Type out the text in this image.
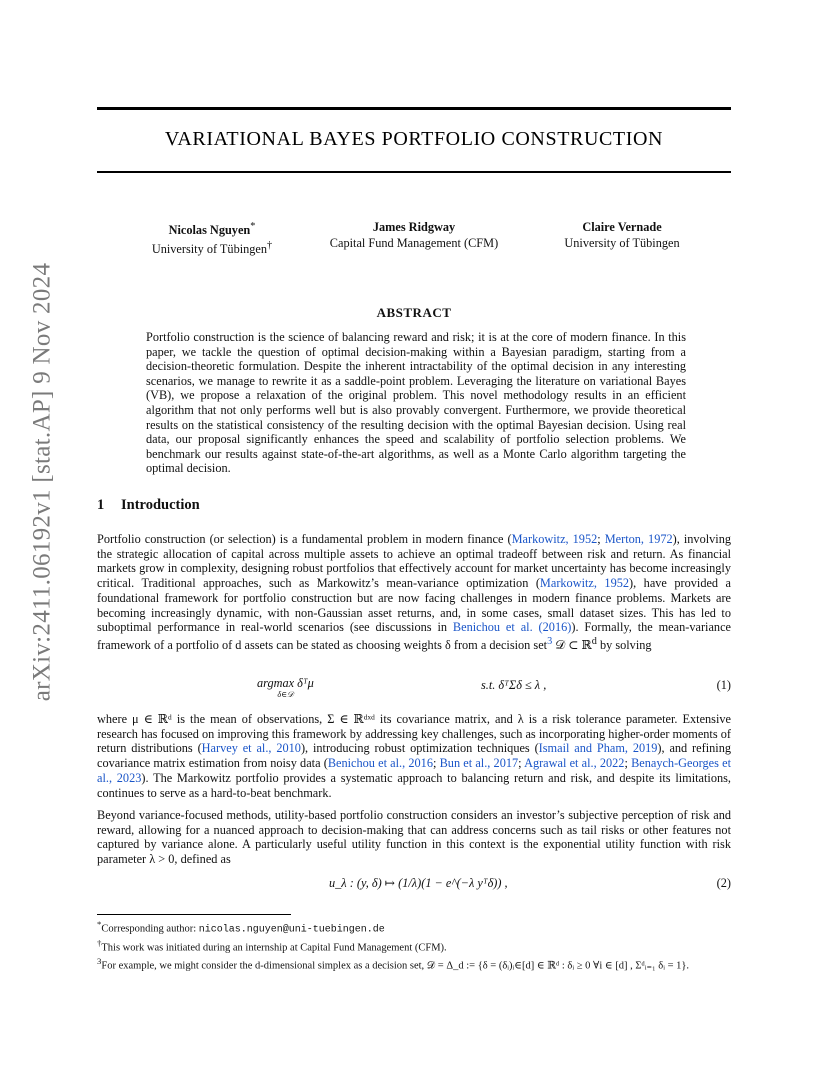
arXiv:2411.06192v1 [stat.AP] 9 Nov 2024
VARIATIONAL BAYES PORTFOLIO CONSTRUCTION
Nicolas Nguyen*
University of Tübingen†
James Ridgway
Capital Fund Management (CFM)
Claire Vernade
University of Tübingen
ABSTRACT
Portfolio construction is the science of balancing reward and risk; it is at the core of modern finance. In this paper, we tackle the question of optimal decision-making within a Bayesian paradigm, starting from a decision-theoretic formulation. Despite the inherent intractability of the optimal decision in any interesting scenarios, we manage to rewrite it as a saddle-point problem. Leveraging the literature on variational Bayes (VB), we propose a relaxation of the original problem. This novel methodology results in an efficient algorithm that not only performs well but is also provably convergent. Furthermore, we provide theoretical results on the statistical consistency of the resulting decision with the optimal Bayesian decision. Using real data, our proposal significantly enhances the speed and scalability of portfolio selection problems. We benchmark our results against state-of-the-art algorithms, as well as a Monte Carlo algorithm targeting the optimal decision.
1 Introduction
Portfolio construction (or selection) is a fundamental problem in modern finance (Markowitz, 1952; Merton, 1972), involving the strategic allocation of capital across multiple assets to achieve an optimal tradeoff between risk and return. As financial markets grow in complexity, designing robust portfolios that effectively account for market uncertainty has become increasingly critical. Traditional approaches, such as Markowitz’s mean-variance optimization (Markowitz, 1952), have provided a foundational framework for portfolio construction but are now facing challenges in modern finance problems. Markets are becoming increasingly dynamic, with non-Gaussian asset returns, and, in some cases, small dataset sizes. This has led to suboptimal performance in real-world scenarios (see discussions in Benichou et al. (2016)). Formally, the mean-variance framework of a portfolio of d assets can be stated as choosing weights δ from a decision set$^3$ 𝒟 ⊂ ℝ$^d$ by solving
argmax δᵀμ
δ∈𝒟
s.t. δᵀΣδ ≤ λ ,	(1)
where μ ∈ ℝᵈ is the mean of observations, Σ ∈ ℝᵈˣᵈ its covariance matrix, and λ is a risk tolerance parameter. Extensive research has focused on improving this framework by addressing key challenges, such as incorporating higher-order moments of return distributions (Harvey et al., 2010), introducing robust optimization techniques (Ismail and Pham, 2019), and refining covariance matrix estimation from noisy data (Benichou et al., 2016; Bun et al., 2017; Agrawal et al., 2022; Benaych-Georges et al., 2023). The Markowitz portfolio provides a systematic approach to balancing return and risk, and despite its limitations, continues to serve as a hard-to-beat benchmark.
Beyond variance-focused methods, utility-based portfolio construction considers an investor’s subjective perception of risk and reward, allowing for a nuanced approach to decision-making that can address concerns such as tail risks or other features not captured by variance alone. A particularly useful utility function in this context is the exponential utility function with risk parameter λ > 0, defined as
u_λ : (y, δ) ↦ (1/λ)(1 − e^(−λ yᵀδ)) ,	(2)
*Corresponding author: nicolas.nguyen@uni-tuebingen.de
†This work was initiated during an internship at Capital Fund Management (CFM).
$^3$For example, we might consider the d-dimensional simplex as a decision set, 𝒟 = Δ_d := {δ = (δᵢ)ᵢ∈[d] ∈ ℝᵈ : δᵢ ≥ 0 ∀i ∈ [d] , Σᵈᵢ₌₁ δᵢ = 1}.
